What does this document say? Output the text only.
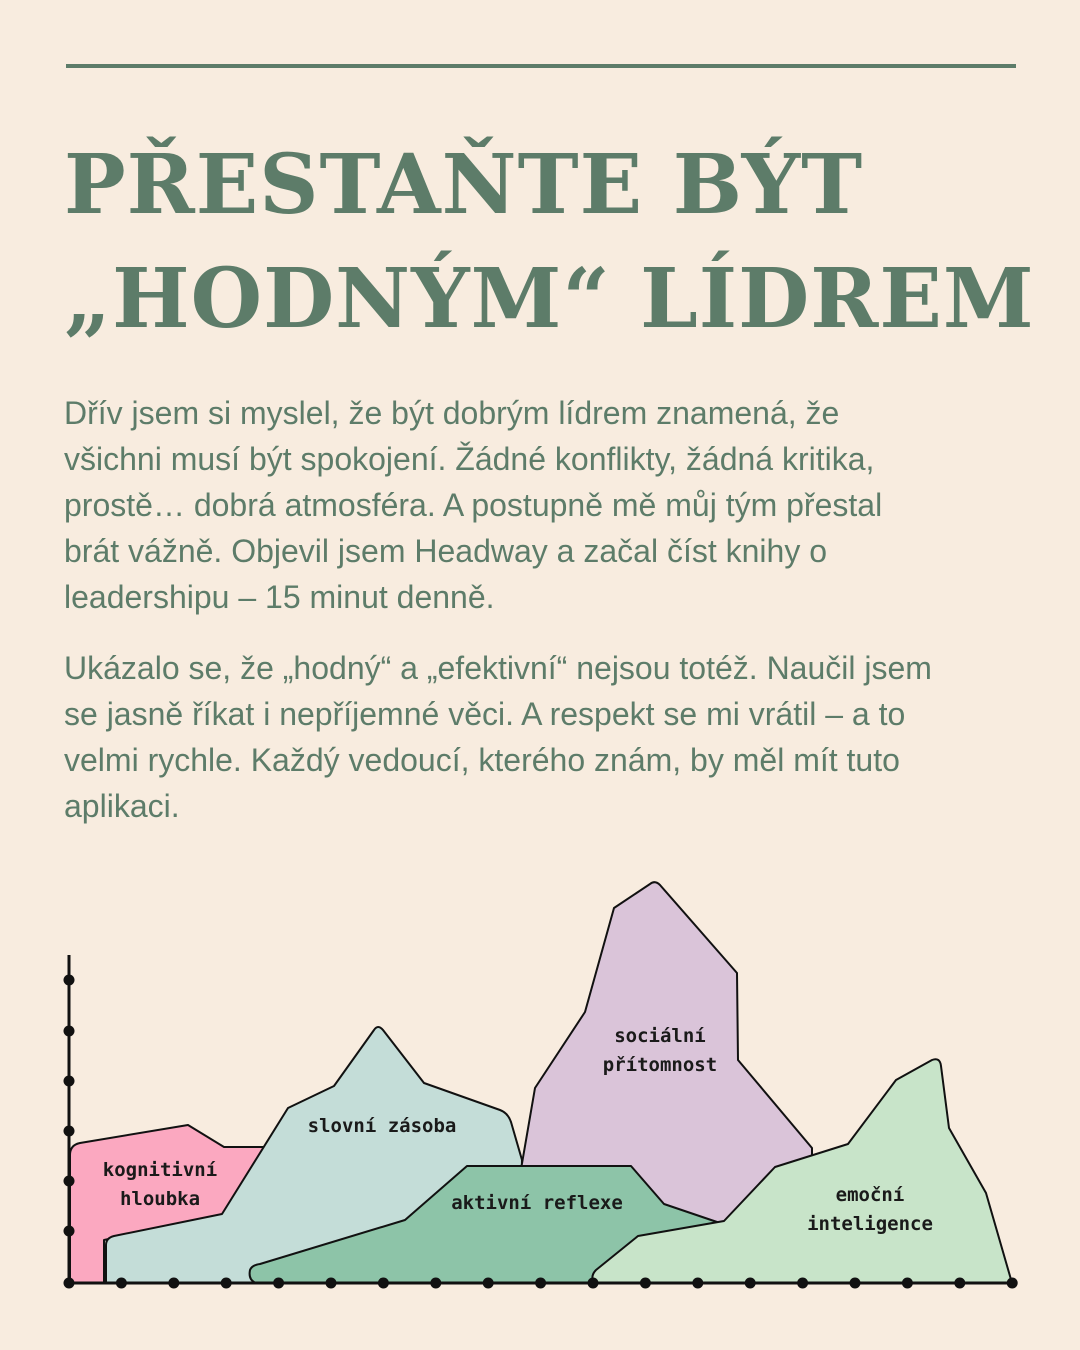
PŘESTAŇTE BÝT
„HODNÝM“ LÍDREM

Dřív jsem si myslel, že být dobrým lídrem znamená, že všichni musí být spokojení. Žádné konflikty, žádná kritika, prostě… dobrá atmosféra. A postupně mě můj tým přestal brát vážně. Objevil jsem Headway a začal číst knihy o leadershipu – 15 minut denně.

Ukázalo se, že „hodný“ a „efektivní“ nejsou totéž. Naučil jsem se jasně říkat i nepříjemné věci. A respekt se mi vrátil – a to velmi rychle. Každý vedoucí, kterého znám, by měl mít tuto aplikaci.

kognitivní
hloubka
slovní zásoba
sociální
přítomnost
aktivní reflexe	emoční
inteligence
